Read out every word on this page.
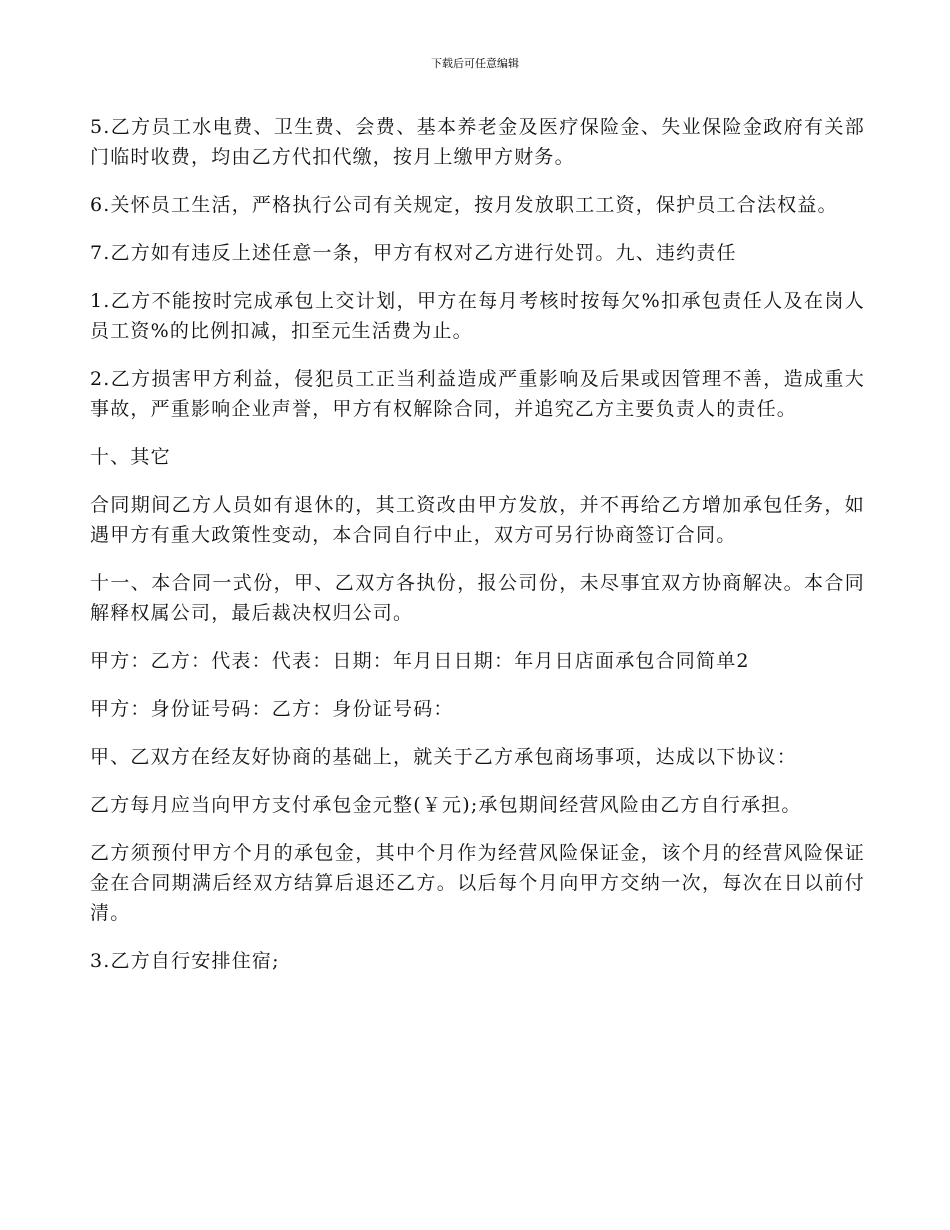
下载后可任意编辑

5.乙方员工水电费、卫生费、会费、基本养老金及医疗保险金、失业保险金政府有关部门临时收费，均由乙方代扣代缴，按月上缴甲方财务。

6.关怀员工生活，严格执行公司有关规定，按月发放职工工资，保护员工合法权益。

7.乙方如有违反上述任意一条，甲方有权对乙方进行处罚。九、违约责任

1.乙方不能按时完成承包上交计划，甲方在每月考核时按每欠%扣承包责任人及在岗人员工资%的比例扣减，扣至元生活费为止。

2.乙方损害甲方利益，侵犯员工正当利益造成严重影响及后果或因管理不善，造成重大事故，严重影响企业声誉，甲方有权解除合同，并追究乙方主要负责人的责任。

十、其它

合同期间乙方人员如有退休的，其工资改由甲方发放，并不再给乙方增加承包任务，如遇甲方有重大政策性变动，本合同自行中止，双方可另行协商签订合同。

十一、本合同一式份，甲、乙双方各执份，报公司份，未尽事宜双方协商解决。本合同解释权属公司，最后裁决权归公司。

甲方：乙方：代表：代表：日期：年月日日期：年月日店面承包合同简单2

甲方：身份证号码：乙方：身份证号码：

甲、乙双方在经友好协商的基础上，就关于乙方承包商场事项，达成以下协议：

乙方每月应当向甲方支付承包金元整(￥元);承包期间经营风险由乙方自行承担。

乙方须预付甲方个月的承包金，其中个月作为经营风险保证金，该个月的经营风险保证金在合同期满后经双方结算后退还乙方。以后每个月向甲方交纳一次，每次在日以前付清。

3.乙方自行安排住宿;
